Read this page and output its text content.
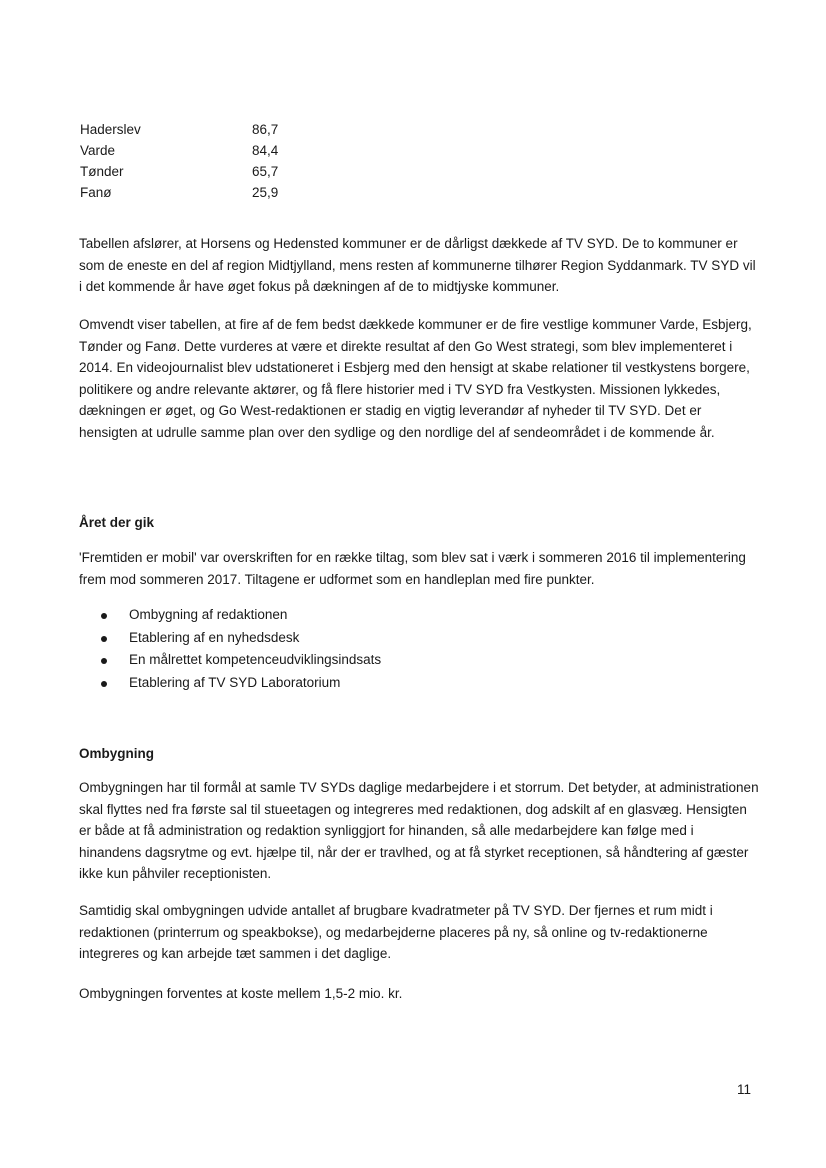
Haderslev	86,7
Varde	84,4
Tønder	65,7
Fanø	25,9

Tabellen afslører, at Horsens og Hedensted kommuner er de dårligst dækkede af TV SYD. De to kommuner er som de eneste en del af region Midtjylland, mens resten af kommunerne tilhører Region Syddanmark. TV SYD vil i det kommende år have øget fokus på dækningen af de to midtjyske kommuner.

Omvendt viser tabellen, at fire af de fem bedst dækkede kommuner er de fire vestlige kommuner Varde, Esbjerg, Tønder og Fanø. Dette vurderes at være et direkte resultat af den Go West strategi, som blev implementeret i 2014. En videojournalist blev udstationeret i Esbjerg med den hensigt at skabe relationer til vestkystens borgere, politikere og andre relevante aktører, og få flere historier med i TV SYD fra Vestkysten. Missionen lykkedes, dækningen er øget, og Go West-redaktionen er stadig en vigtig leverandør af nyheder til TV SYD. Det er hensigten at udrulle samme plan over den sydlige og den nordlige del af sendeområdet i de kommende år.

Året der gik

'Fremtiden er mobil' var overskriften for en række tiltag, som blev sat i værk i sommeren 2016 til implementering frem mod sommeren 2017. Tiltagene er udformet som en handleplan med fire punkter.

Ombygning af redaktionen
Etablering af en nyhedsdesk
En målrettet kompetenceudviklingsindsats
Etablering af TV SYD Laboratorium
Ombygning

Ombygningen har til formål at samle TV SYDs daglige medarbejdere i et storrum. Det betyder, at administrationen skal flyttes ned fra første sal til stueetagen og integreres med redaktionen, dog adskilt af en glasvæg. Hensigten er både at få administration og redaktion synliggjort for hinanden, så alle medarbejdere kan følge med i hinandens dagsrytme og evt. hjælpe til, når der er travlhed, og at få styrket receptionen, så håndtering af gæster ikke kun påhviler receptionisten.

Samtidig skal ombygningen udvide antallet af brugbare kvadratmeter på TV SYD. Der fjernes et rum midt i redaktionen (printerrum og speakbokse), og medarbejderne placeres på ny, så online og tv-redaktionerne integreres og kan arbejde tæt sammen i det daglige.

Ombygningen forventes at koste mellem 1,5-2 mio. kr.

11
